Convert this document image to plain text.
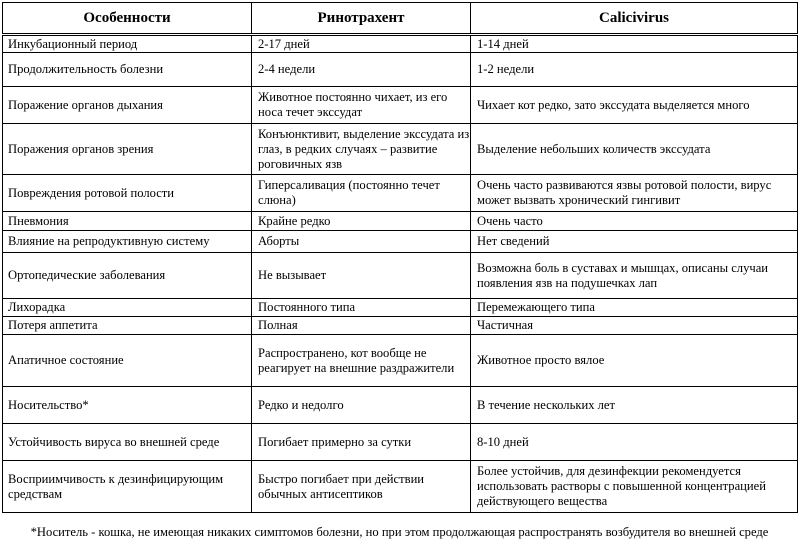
Особенности	Ринотрахент	Calicivirus
Инкубационный период	2-17 дней	1-14 дней
Продолжительность болезни	2-4 недели	1-2 недели
Поражение органов дыхания	Животное постоянно чихает, из его носа течет экссудат	Чихает кот редко, зато экссудата выделяется много
Поражения органов зрения	Конъюнктивит, выделение экссудата из глаз, в редких случаях – развитие роговичных язв	Выделение небольших количеств экссудата
Повреждения ротовой полости	Гиперсаливация (постоянно течет слюна)	Очень часто развиваются язвы ротовой полости, вирус может вызвать хронический гингивит
Пневмония	Крайне редко	Очень часто
Влияние на репродуктивную систему	Аборты	Нет сведений
Ортопедические заболевания	Не вызывает	Возможна боль в суставах и мышцах, описаны случаи появления язв на подушечках лап
Лихорадка	Постоянного типа	Перемежающего типа
Потеря аппетита	Полная	Частичная
Апатичное состояние	Распространено, кот вообще не реагирует на внешние раздражители	Животное просто вялое
Носительство*	Редко и недолго	В течение нескольких лет
Устойчивость вируса во внешней среде	Погибает примерно за сутки	8-10 дней
Восприимчивость к дезинфицирующим средствам	Быстро погибает при действии обычных антисептиков	Более устойчив, для дезинфекции рекомендуется использовать растворы с повышенной концентрацией действующего вещества
*Носитель - кошка, не имеющая никаких симптомов болезни, но при этом продолжающая распространять возбудителя во внешней среде
